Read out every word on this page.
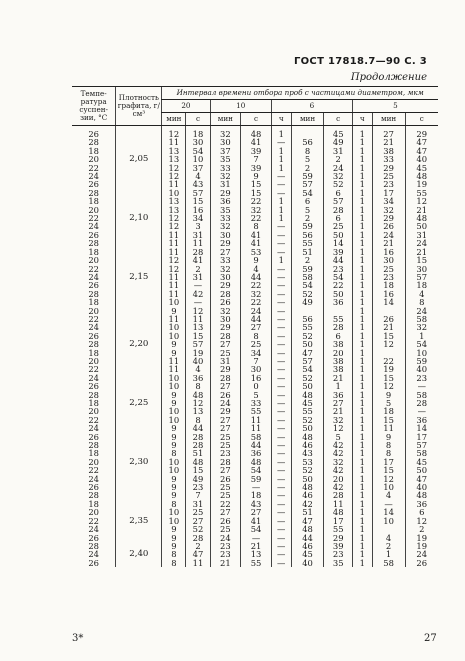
ГОСТ 17818.7—90 С. 3
Продолжение
Температура суспензии, °С	Плотность графита, г/см³	Интервал времени отбора проб с частицами диаметром, мкм									
		20		10		6			5		
		мин	с	мин	с	ч	мин	с	ч	мин	с

26		12	18	32	48	1		45	1	27	29
28		11	30	30	41	—	56	49	1	21	47
18		13	54	37	39	1	8	31	1	38	47
20	2,05	13	10	35	7	1	5	2	1	33	40
22		12	37	33	39	1	2	24	1	29	45
24		12	4	32	9	—	59	32	1	25	48
26		11	43	31	15	—	57	52	1	23	19
28		10	57	29	15	—	54	6	1	17	55
18		13	15	36	22	1	6	57	1	34	12
20		13	16	35	32	1	5	28	1	32	21
22	2,10	12	34	33	22	1	2	6	1	29	48
24		12	3	32	8	—	59	25	1	26	50
26		11	31	30	41	—	56	50	1	24	31
28		11	11	29	41	—	55	14	1	21	24
18		11	28	27	53	—	51	39	1	16	21
20		12	41	33	9	1	2	44	1	30	15
22		12	2	32	4	—	59	23	1	25	30
24	2,15	11	31	30	44	—	58	54	1	23	57
26		11	—	29	22	—	54	22	1	18	18
28		11	42	28	32	—	52	50	1	16	4
18		10	—	26	22	—	49	36	1	14	8
20		9	12	32	24	—			1		24
22		11	11	30	44	—	56	55	1	26	58
24		10	13	29	27	—	55	28	1	21	32
26		10	15	28	8	—	52	6	1	15	1
28	2,20	9	57	27	25	—	50	38	1	12	54
18		9	19	25	34	—	47	20	1		10
20		11	40	31	7	—	57	38	1	22	59
22		11	4	29	30	—	54	38	1	19	40
24		10	36	28	16	—	52	21	1	15	23
26		10	8	27	0	—	50	1	1	12	—
28		9	48	26	5	—	48	36	1	9	58
18	2,25	9	12	24	33	—	45	27	1	5	28
20		10	13	29	55	—	55	21	1	18	—
22		10	8	27	11	—	52	32	1	15	36
24		9	44	27	11	—	50	12	1	11	14
26		9	28	25	58	—	48	5	1	9	17
28		9	28	25	44	—	46	42	1	8	57
18		8	51	23	36	—	43	42	1	8	58
20	2,30	10	48	28	48	—	53	32	1	17	45
22		10	15	27	54	—	52	42	1	15	50
24		9	49	26	59	—	50	20	1	12	47
26		9	23	25	—	—	48	42	1	10	40
28		9	7	25	18	—	46	28	1	4	48
18		8	31	22	43	—	42	11	1	—	36
20		10	25	27	27	—	51	48	1	14	6
22	2,35	10	27	26	41	—	47	17	1	10	12
24		9	52	25	54	—	48	55	1		2
26		9	28	24	—	—	44	29	1	4	19
28		9	2	23	21	—	46	39	1	2	19
24	2,40	8	47	23	13	—	45	23	1	1	24
26		8	11	21	55	—	40	35	1	58	26
3*	27
